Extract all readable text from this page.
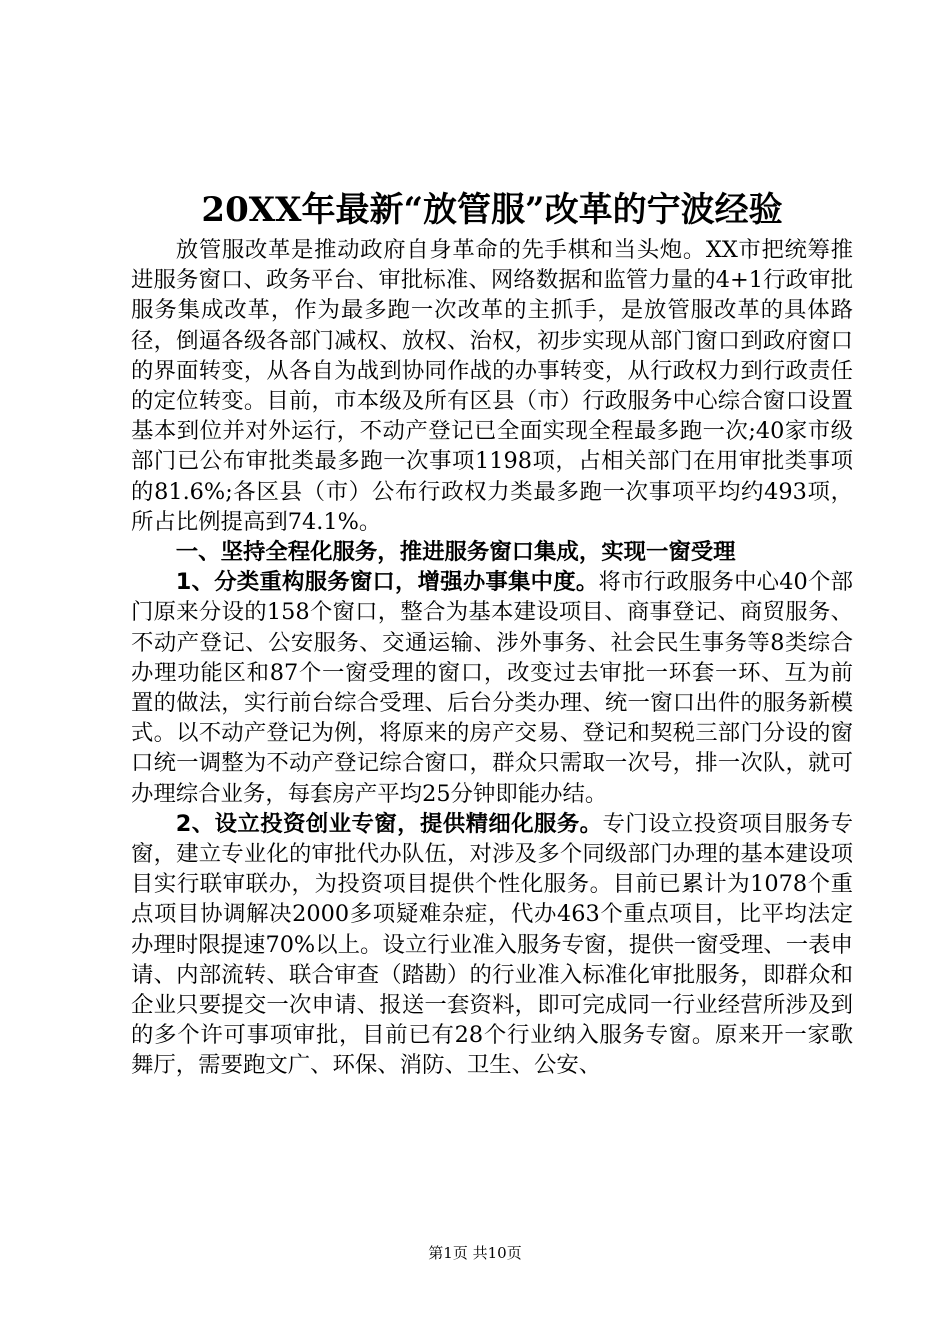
20XX年最新“放管服”改革的宁波经验

放管服改革是推动政府自身革命的先手棋和当头炮。XX市把统筹推进服务窗口、政务平台、审批标准、网络数据和监管力量的4+1行政审批服务集成改革，作为最多跑一次改革的主抓手，是放管服改革的具体路径，倒逼各级各部门减权、放权、治权，初步实现从部门窗口到政府窗口的界面转变，从各自为战到协同作战的办事转变，从行政权力到行政责任的定位转变。目前，市本级及所有区县（市）行政服务中心综合窗口设置基本到位并对外运行，不动产登记已全面实现全程最多跑一次;40家市级部门已公布审批类最多跑一次事项1198项，占相关部门在用审批类事项的81.6%;各区县（市）公布行政权力类最多跑一次事项平均约493项，所占比例提高到74.1%。

一、坚持全程化服务，推进服务窗口集成，实现一窗受理

1、分类重构服务窗口，增强办事集中度。将市行政服务中心40个部门原来分设的158个窗口，整合为基本建设项目、商事登记、商贸服务、不动产登记、公安服务、交通运输、涉外事务、社会民生事务等8类综合办理功能区和87个一窗受理的窗口，改变过去审批一环套一环、互为前置的做法，实行前台综合受理、后台分类办理、统一窗口出件的服务新模式。以不动产登记为例，将原来的房产交易、登记和契税三部门分设的窗口统一调整为不动产登记综合窗口，群众只需取一次号，排一次队，就可办理综合业务，每套房产平均25分钟即能办结。

2、设立投资创业专窗，提供精细化服务。专门设立投资项目服务专窗，建立专业化的审批代办队伍，对涉及多个同级部门办理的基本建设项目实行联审联办，为投资项目提供个性化服务。目前已累计为1078个重点项目协调解决2000多项疑难杂症，代办463个重点项目，比平均法定办理时限提速70%以上。设立行业准入服务专窗，提供一窗受理、一表申请、内部流转、联合审查（踏勘）的行业准入标准化审批服务，即群众和企业只要提交一次申请、报送一套资料，即可完成同一行业经营所涉及到的多个许可事项审批，目前已有28个行业纳入服务专窗。原来开一家歌舞厅，需要跑文广、环保、消防、卫生、公安、

第1页 共10页
